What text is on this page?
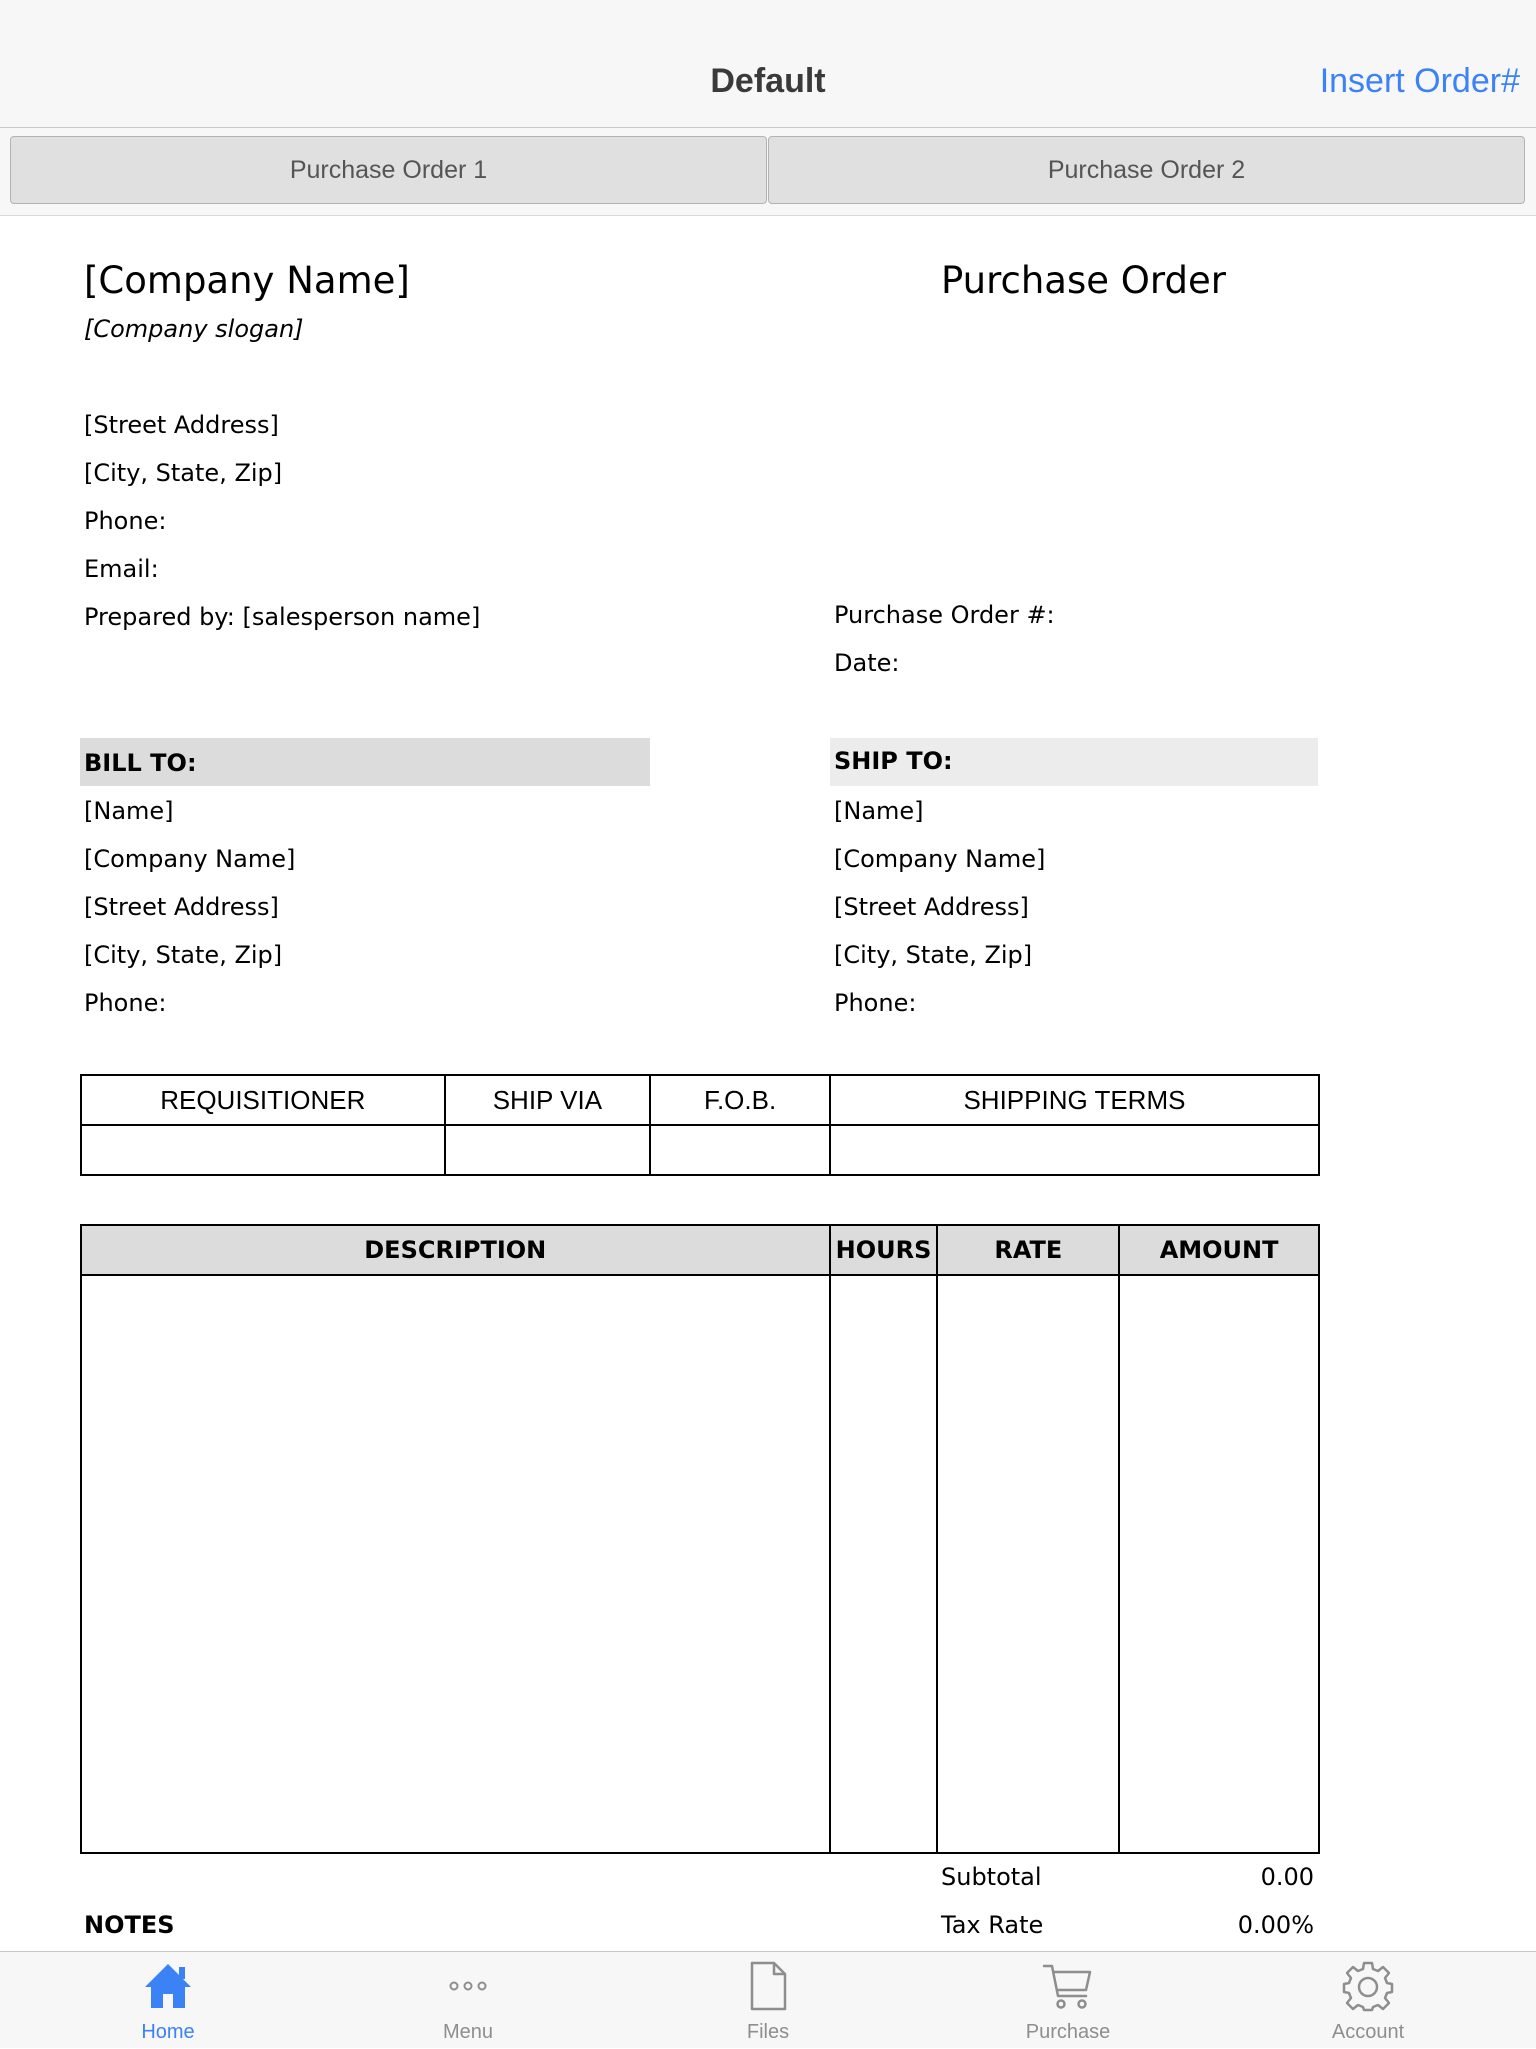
Default	Insert Order#
Purchase Order 1	Purchase Order 2
[Company Name]
[Company slogan]
Purchase Order
[Street Address]
[City, State, Zip]
Phone:
Email:
Prepared by: [salesperson name]	Purchase Order #:
Date:
BILL TO:
[Name]
[Company Name]
[Street Address]
[City, State, Zip]
Phone:
SHIP TO:
[Name]
[Company Name]
[Street Address]
[City, State, Zip]
Phone:
REQUISITIONER	SHIP VIA	F.O.B.	SHIPPING TERMS

DESCRIPTION	HOURS	RATE	AMOUNT

Subtotal	0.00
Tax Rate	0.00%
NOTES
Home	Menu	Files	Purchase	Account
